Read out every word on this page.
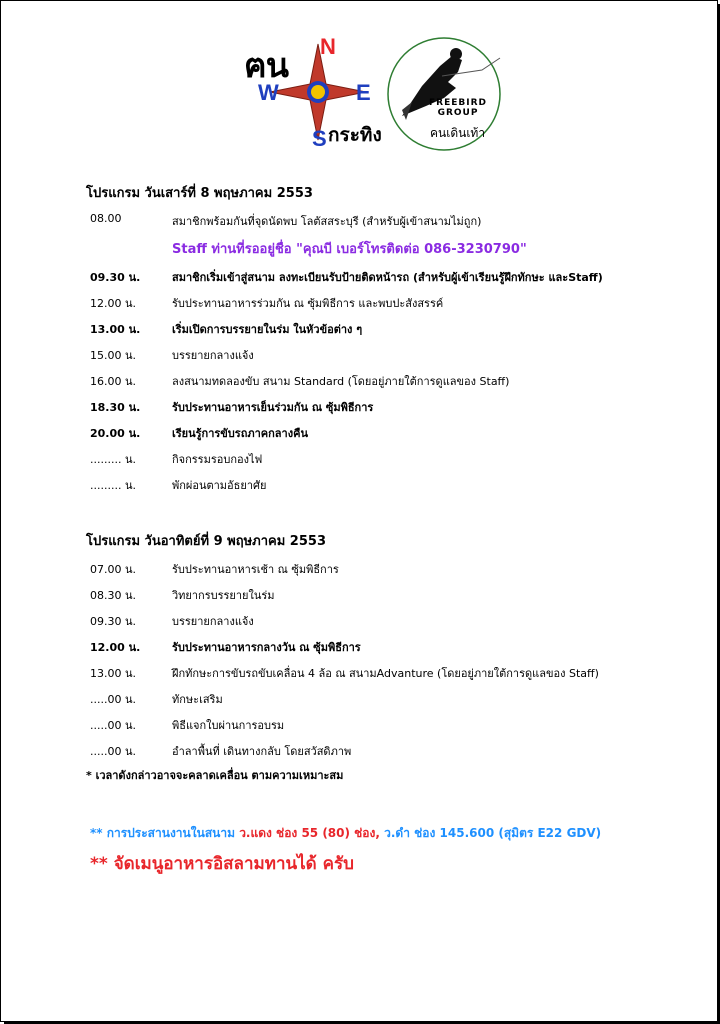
N
W	E
S
ฅน
กระทิง
FREEBIRD GROUP
คนเดินเท้า
โปรแกรม วันเสาร์ที่ 8 พฤษภาคม 2553
08.00	สมาชิกพร้อมกันที่จุดนัดพบ โลตัสสระบุรี (สำหรับผู้เข้าสนามไม่ถูก)
Staff ท่านที่รออยู่ชื่อ "คุณบี เบอร์โทรติดต่อ 086-3230790"
09.30 น.	สมาชิกเริ่มเข้าสู่สนาม ลงทะเบียนรับป้ายติดหน้ารถ (สำหรับผู้เข้าเรียนรู้ฝึกทักษะ และStaff)
12.00 น.	รับประทานอาหารร่วมกัน ณ ซุ้มพิธีการ และพบปะสังสรรค์
13.00 น.	เริ่มเปิดการบรรยายในร่ม ในหัวข้อต่าง ๆ
15.00 น.	บรรยายกลางแจ้ง
16.00 น.	ลงสนามทดลองขับ สนาม Standard (โดยอยู่ภายใต้การดูแลของ Staff)
18.30 น.	รับประทานอาหารเย็นร่วมกัน ณ ซุ้มพิธีการ
20.00 น.	เรียนรู้การขับรถภาคกลางคืน
......... น.	กิจกรรมรอบกองไฟ
......... น.	พักผ่อนตามอัธยาศัย
โปรแกรม วันอาทิตย์ที่ 9 พฤษภาคม 2553
07.00 น.	รับประทานอาหารเช้า ณ ซุ้มพิธีการ
08.30 น.	วิทยากรบรรยายในร่ม
09.30 น.	บรรยายกลางแจ้ง
12.00 น.	รับประทานอาหารกลางวัน ณ ซุ้มพิธีการ
13.00 น.	ฝึกทักษะการขับรถขับเคลื่อน 4 ล้อ ณ สนามAdvanture (โดยอยู่ภายใต้การดูแลของ Staff)
.....00 น.	ทักษะเสริม
.....00 น.	พิธีแจกใบผ่านการอบรม
.....00 น.	อำลาพื้นที่ เดินทางกลับ โดยสวัสดิภาพ
* เวลาดังกล่าวอาจจะคลาดเคลื่อน ตามความเหมาะสม
** การประสานงานในสนาม ว.แดง ช่อง 55 (80) ช่อง, ว.ดำ ช่อง 145.600 (สุมิตร E22 GDV)
** จัดเมนูอาหารอิสลามทานได้ ครับ
